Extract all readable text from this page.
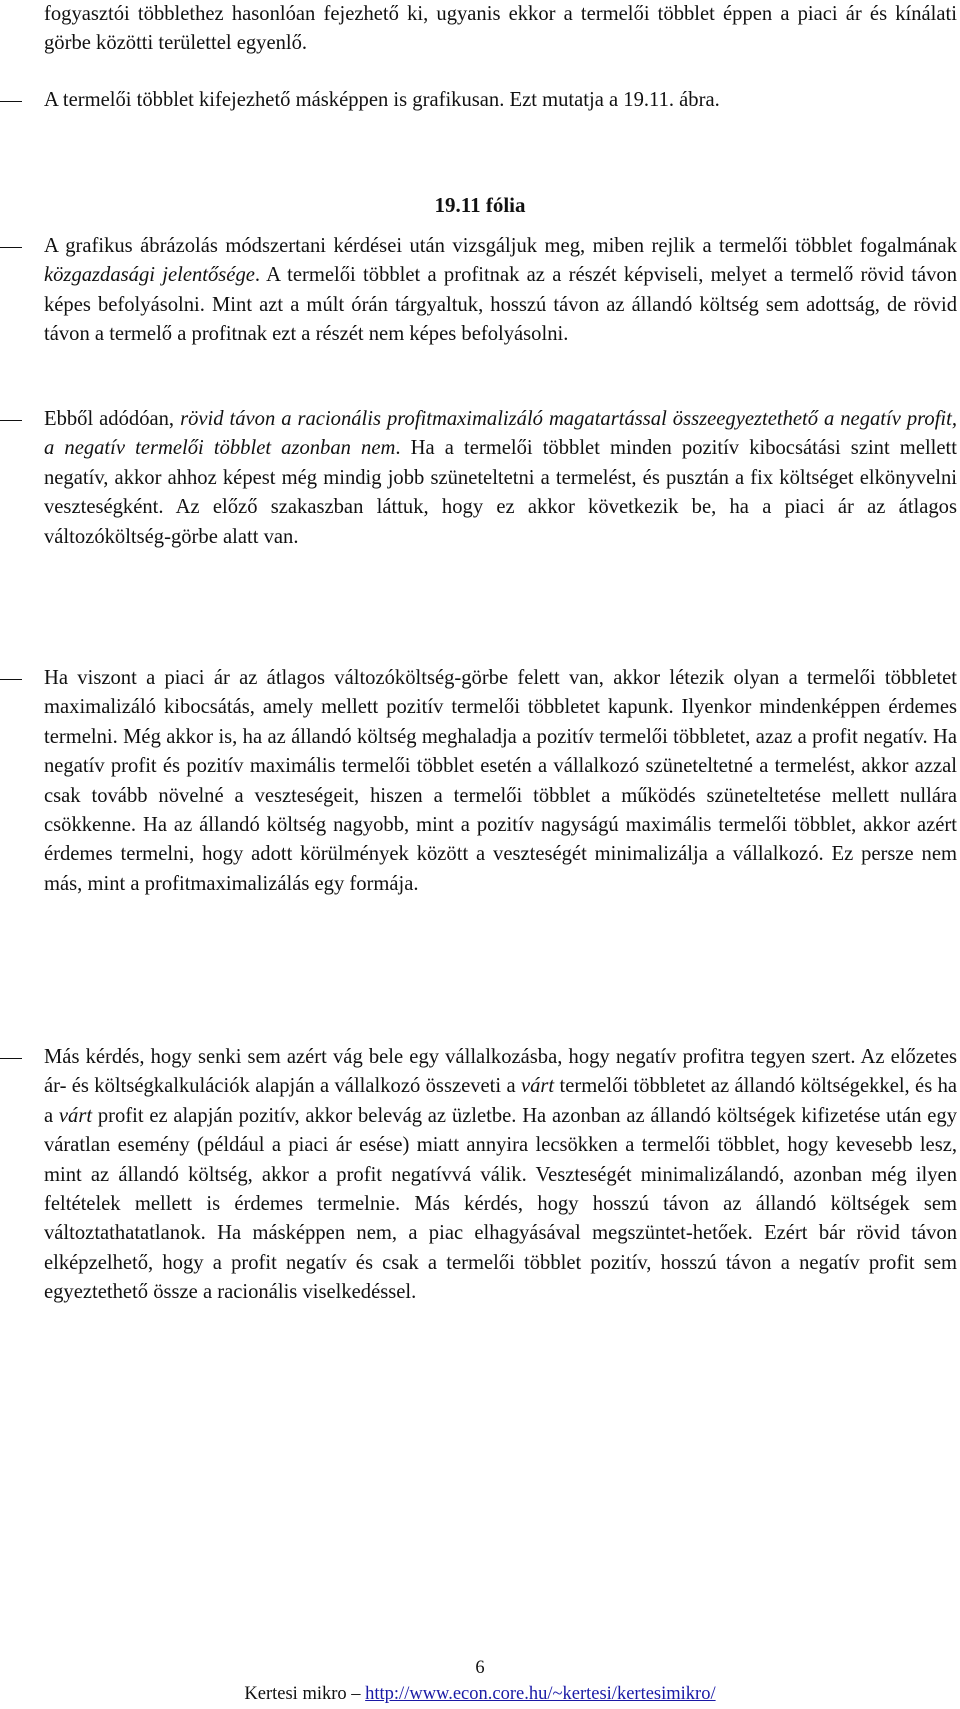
fogyasztói többlethez hasonlóan fejezhető ki, ugyanis ekkor a termelői többlet éppen a piaci ár és kínálati görbe közötti területtel egyenlő.

A termelői többlet kifejezhető másképpen is grafikusan. Ezt mutatja a 19.11. ábra.

19.11 fólia

A grafikus ábrázolás módszertani kérdései után vizsgáljuk meg, miben rejlik a termelői többlet fogalmának közgazdasági jelentősége. A termelői többlet a profitnak az a részét képviseli, melyet a termelő rövid távon képes befolyásolni. Mint azt a múlt órán tárgyaltuk, hosszú távon az állandó költség sem adottság, de rövid távon a termelő a profitnak ezt a részét nem képes befolyásolni.

Ebből adódóan, rövid távon a racionális profitmaximalizáló magatartással összeegyeztethető a negatív profit, a negatív termelői többlet azonban nem. Ha a termelői többlet minden pozitív kibocsátási szint mellett negatív, akkor ahhoz képest még mindig jobb szüneteltetni a termelést, és pusztán a fix költséget elkönyvelni veszteségként. Az előző szakaszban láttuk, hogy ez akkor következik be, ha a piaci ár az átlagos változóköltség-görbe alatt van.

Ha viszont a piaci ár az átlagos változóköltség-görbe felett van, akkor létezik olyan a termelői többletet maximalizáló kibocsátás, amely mellett pozitív termelői többletet kapunk. Ilyenkor mindenképpen érdemes termelni. Még akkor is, ha az állandó költség meghaladja a pozitív termelői többletet, azaz a profit negatív. Ha negatív profit és pozitív maximális termelői többlet esetén a vállalkozó szüneteltetné a termelést, akkor azzal csak tovább növelné a veszteségeit, hiszen a termelői többlet a működés szüneteltetése mellett nullára csökkenne. Ha az állandó költség nagyobb, mint a pozitív nagyságú maximális termelői többlet, akkor azért érdemes termelni, hogy adott körülmények között a veszteségét minimalizálja a vállalkozó. Ez persze nem más, mint a profitmaximalizálás egy formája.

Más kérdés, hogy senki sem azért vág bele egy vállalkozásba, hogy negatív profitra tegyen szert. Az előzetes ár- és költségkalkulációk alapján a vállalkozó összeveti a várt termelői többletet az állandó költségekkel, és ha a várt profit ez alapján pozitív, akkor belevág az üzletbe. Ha azonban az állandó költségek kifizetése után egy váratlan esemény (például a piaci ár esése) miatt annyira lecsökken a termelői többlet, hogy kevesebb lesz, mint az állandó költség, akkor a profit negatívvá válik. Veszteségét minimalizálandó, azonban még ilyen feltételek mellett is érdemes termelnie. Más kérdés, hogy hosszú távon az állandó költségek sem változtathatatlanok. Ha másképpen nem, a piac elhagyásával megszüntet-hetőek. Ezért bár rövid távon elképzelhető, hogy a profit negatív és csak a termelői többlet pozitív, hosszú távon a negatív profit sem egyeztethető össze a racionális viselkedéssel.

6
Kertesi mikro – http://www.econ.core.hu/~kertesi/kertesimikro/
